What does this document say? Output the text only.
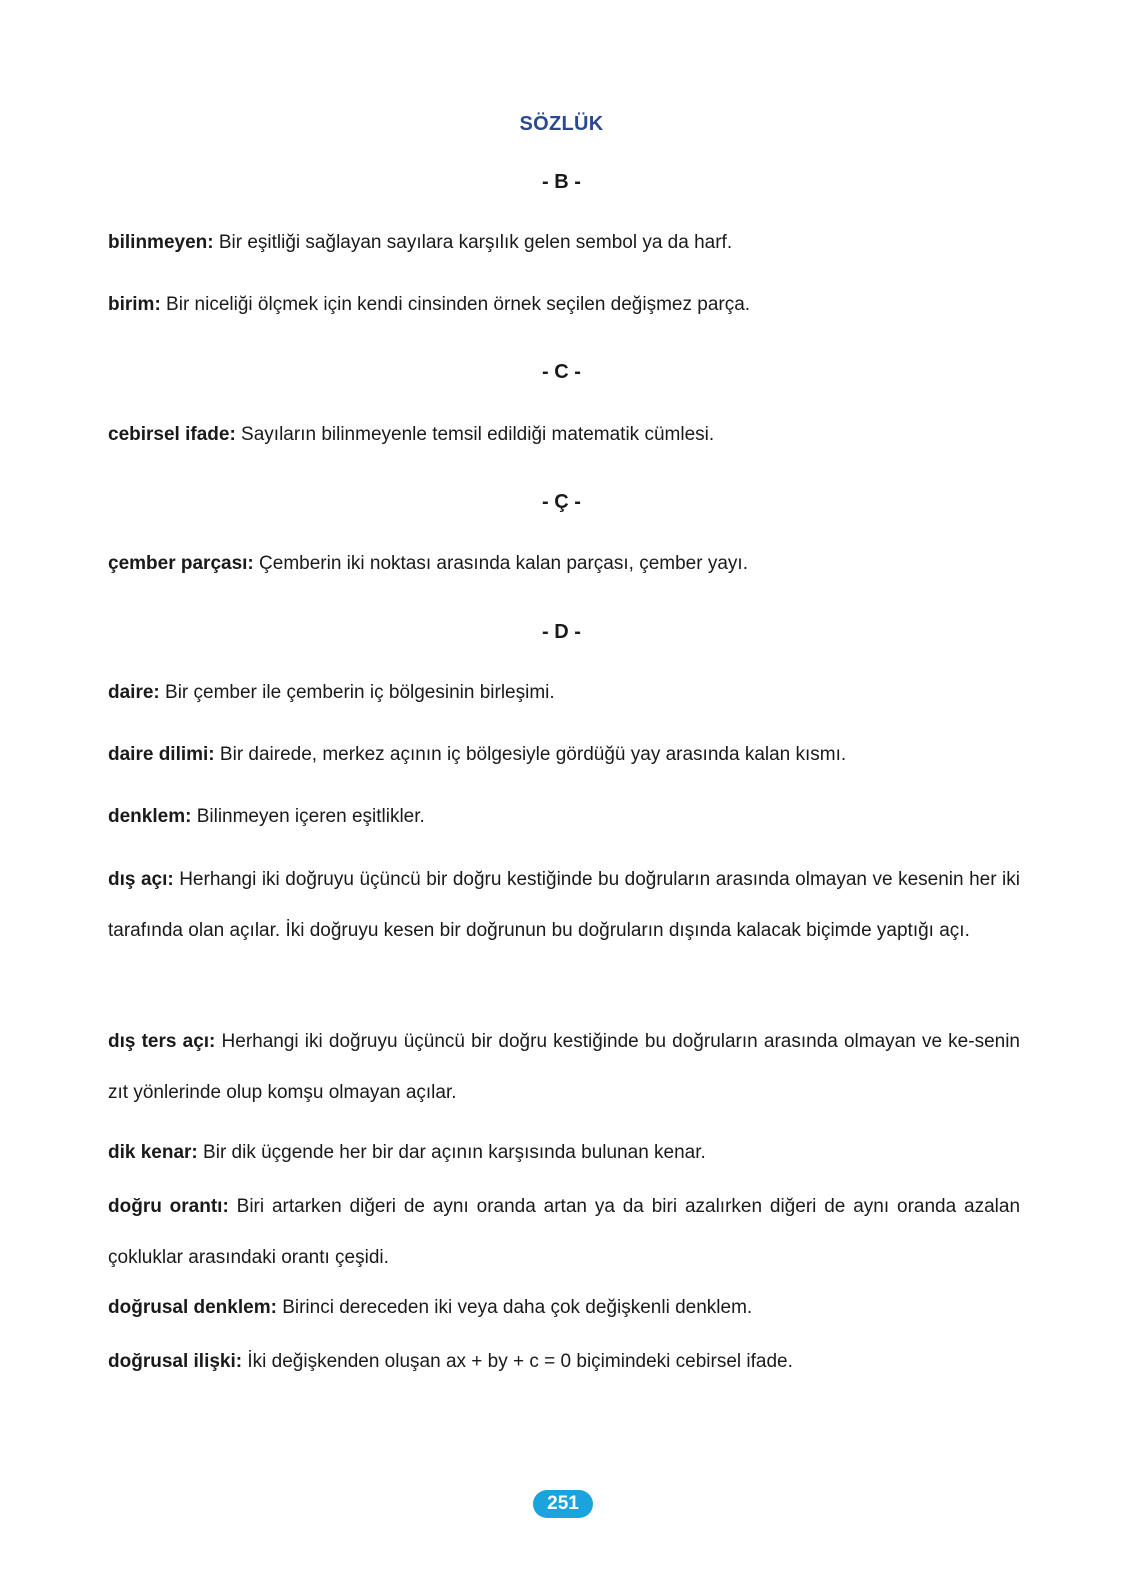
SÖZLÜK
- B -

bilinmeyen: Bir eşitliği sağlayan sayılara karşılık gelen sembol ya da harf.

birim: Bir niceliği ölçmek için kendi cinsinden örnek seçilen değişmez parça.

- C -

cebirsel ifade: Sayıların bilinmeyenle temsil edildiği matematik cümlesi.

- Ç -

çember parçası: Çemberin iki noktası arasında kalan parçası, çember yayı.

- D -

daire: Bir çember ile çemberin iç bölgesinin birleşimi.

daire dilimi: Bir dairede, merkez açının iç bölgesiyle gördüğü yay arasında kalan kısmı.

denklem: Bilinmeyen içeren eşitlikler.

dış açı: Herhangi iki doğruyu üçüncü bir doğru kestiğinde bu doğruların arasında olmayan ve kesenin her iki tarafında olan açılar. İki doğruyu kesen bir doğrunun bu doğruların dışında kalacak biçimde yaptığı açı.

dış ters açı: Herhangi iki doğruyu üçüncü bir doğru kestiğinde bu doğruların arasında olmayan ve ke-senin zıt yönlerinde olup komşu olmayan açılar.

dik kenar: Bir dik üçgende her bir dar açının karşısında bulunan kenar.

doğru orantı: Biri artarken diğeri de aynı oranda artan ya da biri azalırken diğeri de aynı oranda azalan çokluklar arasındaki orantı çeşidi.

doğrusal denklem: Birinci dereceden iki veya daha çok değişkenli denklem.

doğrusal ilişki: İki değişkenden oluşan ax + by + c = 0 biçimindeki cebirsel ifade.

251
